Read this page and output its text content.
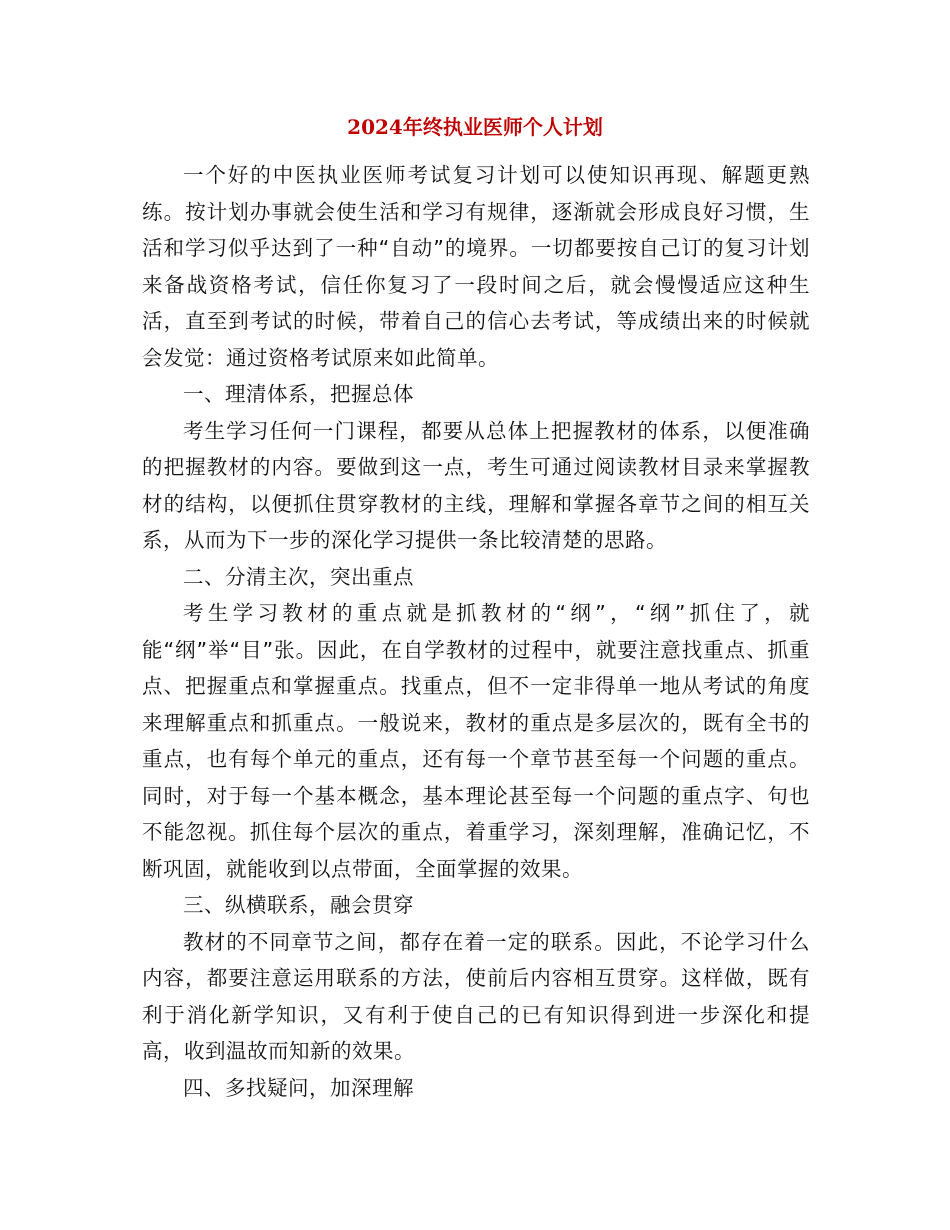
2024年终执业医师个人计划

一个好的中医执业医师考试复习计划可以使知识再现、解题更熟练。按计划办事就会使生活和学习有规律，逐渐就会形成良好习惯，生活和学习似乎达到了一种“自动”的境界。一切都要按自己订的复习计划来备战资格考试，信任你复习了一段时间之后，就会慢慢适应这种生活，直至到考试的时候，带着自己的信心去考试，等成绩出来的时候就会发觉：通过资格考试原来如此简单。

一、理清体系，把握总体

考生学习任何一门课程，都要从总体上把握教材的体系，以便准确的把握教材的内容。要做到这一点，考生可通过阅读教材目录来掌握教材的结构，以便抓住贯穿教材的主线，理解和掌握各章节之间的相互关系，从而为下一步的深化学习提供一条比较清楚的思路。

二、分清主次，突出重点

考生学习教材的重点就是抓教材的“纲”，“纲”抓住了，就能“纲”举“目”张。因此，在自学教材的过程中，就要注意找重点、抓重点、把握重点和掌握重点。找重点，但不一定非得单一地从考试的角度来理解重点和抓重点。一般说来，教材的重点是多层次的，既有全书的重点，也有每个单元的重点，还有每一个章节甚至每一个问题的重点。同时，对于每一个基本概念，基本理论甚至每一个问题的重点字、句也不能忽视。抓住每个层次的重点，着重学习，深刻理解，准确记忆，不断巩固，就能收到以点带面，全面掌握的效果。

三、纵横联系，融会贯穿

教材的不同章节之间，都存在着一定的联系。因此，不论学习什么内容，都要注意运用联系的方法，使前后内容相互贯穿。这样做，既有利于消化新学知识，又有利于使自己的已有知识得到进一步深化和提高，收到温故而知新的效果。

四、多找疑问，加深理解
